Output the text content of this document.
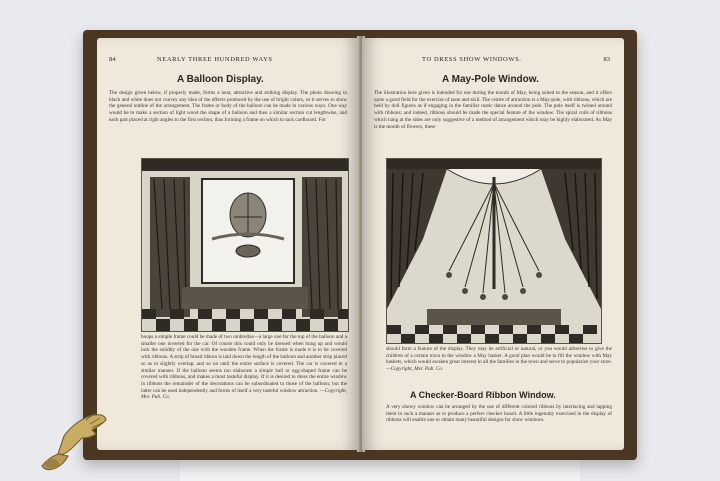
84	NEARLY THREE HUNDRED WAYS
A Balloon Display.
The design given below, if properly made, forms a neat, attractive and striking display. The photo drawing in black and white does not convey any idea of the effects produced by the use of bright colors, so it serves to show the general outline of the arrangement. The frame or body of the balloon can be made in various ways. One way would be to make a section of light wood the shape of a balloon and then a similar section cut lengthwise, and each part placed at right angles to the first section, thus forming a frame on which to tack cardboard. For
hoops a simple frame could be made of two umbrellas—a large one for the top of the balloon and a smaller one inverted for the car. Of course this could only be dressed when hung up and would lack the solidity of the one with the wooden frame. When the frame is made it is to be covered with ribbons. A strip of broad ribbon is laid down the length of the balloon and another strip placed so as to slightly overlap, and so on until the entire surface is covered. The car is covered in a similar manner. If the balloon seems too elaborate a simple ball or egg-shaped frame can be covered with ribbons, and makes a most tasteful display. If it is desired to dress the entire window in ribbons the remainder of the decorations can be subordinated to those of the balloon; but the latter can be used independently and forms of itself a very tasteful window attraction. —Copyright, Mer. Pub. Co.
TO DRESS SHOW WINDOWS.	83
A May-Pole Window.
The illustration here given is intended for use during the month of May, being suited to the season, and it offers quite a good field for the exercise of taste and skill. The centre of attraction is a May-pole, with ribbons, which are held by doll figures as if engaging in the familiar rustic dance around the pole. The pole itself is twined around with ribbons; and indeed, ribbons should be made the special feature of the window. The spiral coils of ribbons which hang at the sides are only suggestive of a method of arrangement which may be highly elaborated. As May is the month of flowers, these
should form a feature of the display. They may be artificial or natural, or you would advertise to give the children of a certain town in the window a May basket. A good plan would be to fill the window with May baskets, which would awaken great interest in all the families in the town and serve to popularize your store. —Copyright, Mer. Pub. Co.
A Checker-Board Ribbon Window.
A very showy window can be arranged by the use of different colored ribbons by interlacing and lapping them in such a manner as to produce a perfect checker board. A little ingenuity exercised in the display of ribbons will enable one to obtain many beautiful designs for show windows.
